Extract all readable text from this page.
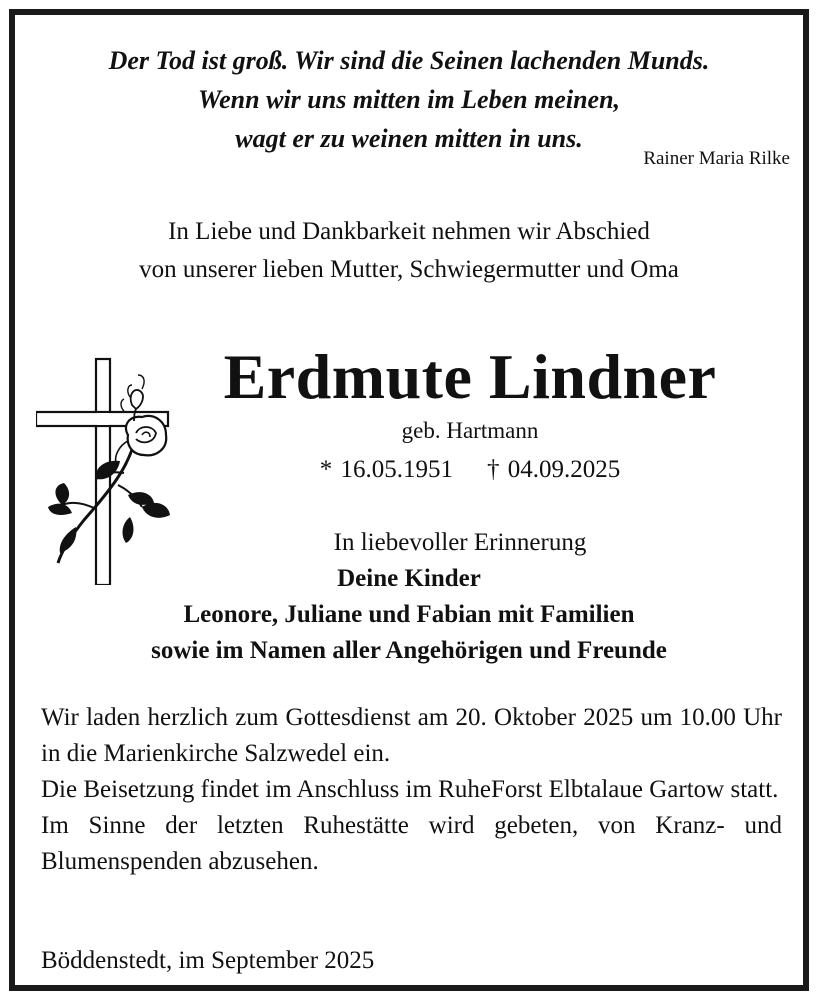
Der Tod ist groß. Wir sind die Seinen lachenden Munds.
Wenn wir uns mitten im Leben meinen,
wagt er zu weinen mitten in uns.
Rainer Maria Rilke
In Liebe und Dankbarkeit nehmen wir Abschied
von unserer lieben Mutter, Schwiegermutter und Oma
Erdmute Lindner
geb. Hartmann
* 16.05.1951 † 04.09.2025
In liebevoller Erinnerung
Deine Kinder
Leonore, Juliane und Fabian mit Familien
sowie im Namen aller Angehörigen und Freunde

Wir laden herzlich zum Gottesdienst am 20. Oktober 2025 um 10.00 Uhr in die Marienkirche Salzwedel ein.

Die Beisetzung findet im Anschluss im RuheForst Elbtalaue Gartow statt.

Im Sinne der letzten Ruhestätte wird gebeten, von Kranz- und Blumenspenden abzusehen.

Böddenstedt, im September 2025
